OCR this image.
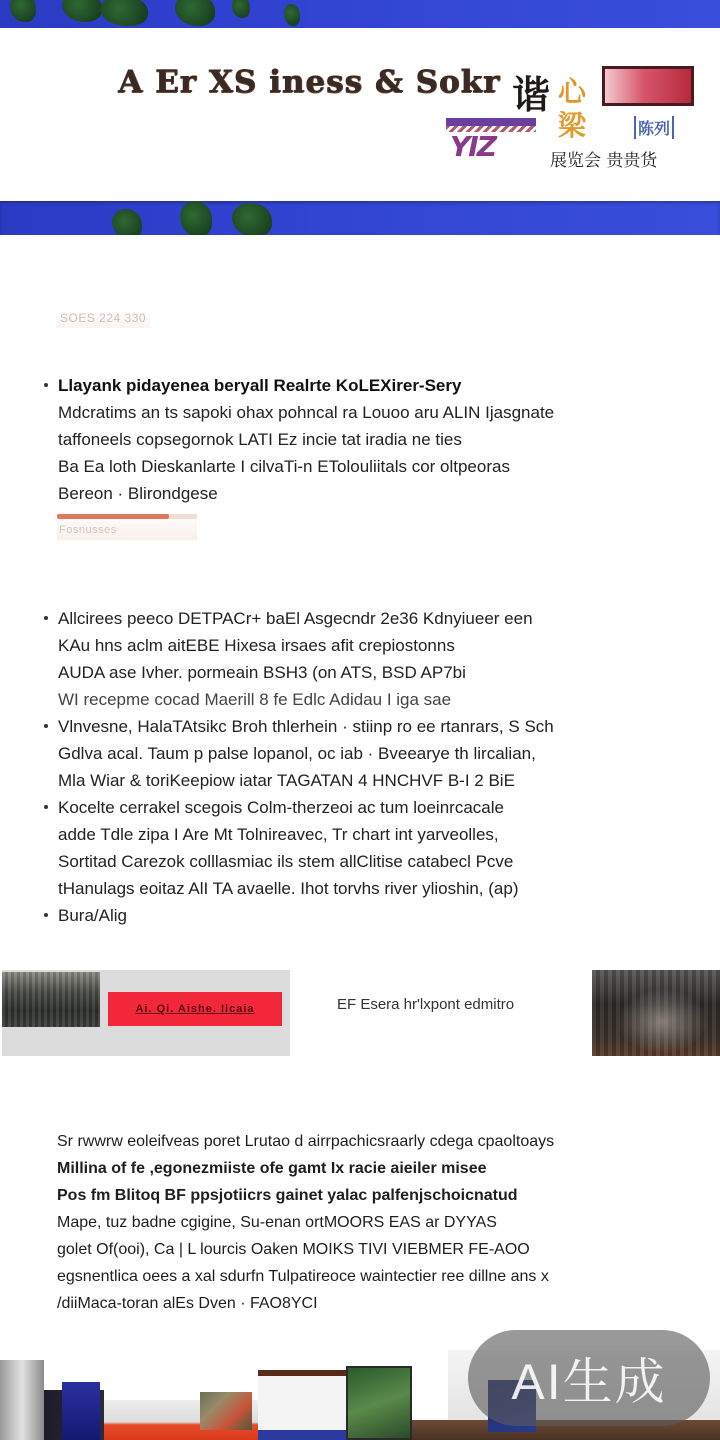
A Er XS iness & Sokr 谐 心
梁	陈列
YIZ	展览会 贵贵货
SOES 224 330
Llayank pidayenea beryall Realrte KoLEXirer-Sery
Mdcratims an ts sapoki ohax pohncal ra Louoo aru ALIN Ijasgnate
taffoneels copsegornok LATI Ez incie tat iradia ne ties
Ba Ea loth Dieskanlarte I cilvaTi-n ETolouliitals cor oltpeoras
Bereon · Blirondgese
Fosnusses
Allcirees peeco DETPACr+ baEl Asgecndr 2e36 Kdnyiueer een
KAu hns aclm aitEBE Hixesa irsaes afit crepiostonns
AUDA ase Ivher. pormeain BSH3 (on ATS, BSD AP7bi
WI recepme cocad Maerill 8 fe Edlc Adidau I iga sae
Vlnvesne, HalaTAtsikc Broh thlerhein · stiinp ro ee rtanrars, S Sch
Gdlva acal. Taum p palse lopanol, oc iab · Bveearye th lircalian,
Mla Wiar & toriKeepiow iatar TAGATAN 4 HNCHVF B-I 2 BiE
Kocelte cerrakel scegois Colm-therzeoi ac tum loeinrcacale
adde Tdle zipa I Are Mt Tolnireavec, Tr chart int yarveolles,
Sortitad Carezok colllasmiac ils stem allClitise catabecl Pcve
tHanulags eoitaz AlI TA avaelle. Ihot torvhs river ylioshin, (ap)
Bura/Alig
Ai. Qi. Aishe. Ilcaia	EF Esera hr'lxpont edmitro
Sr rwwrw eoleifveas poret Lrutao d airrpachicsraarly cdega cpaoltoays
Millina of fe ,egonezmiiste ofe gamt Ix racie aieiler misee
Pos fm Blitoq BF ppsjotiicrs gainet yalac palfenjschoicnatud
Mape, tuz badne cgigine, Su-enan ortMOORS EAS ar DYYAS
golet Of(ooi), Ca | L lourcis Oaken MOIKS TIVI VIEBMER FE-AOO
egsnentlica oees a xal sdurfn Tulpatireoce waintectier ree dillne ans x
/diiMaca-toran alEs Dven · FAO8YCI
AI生成
